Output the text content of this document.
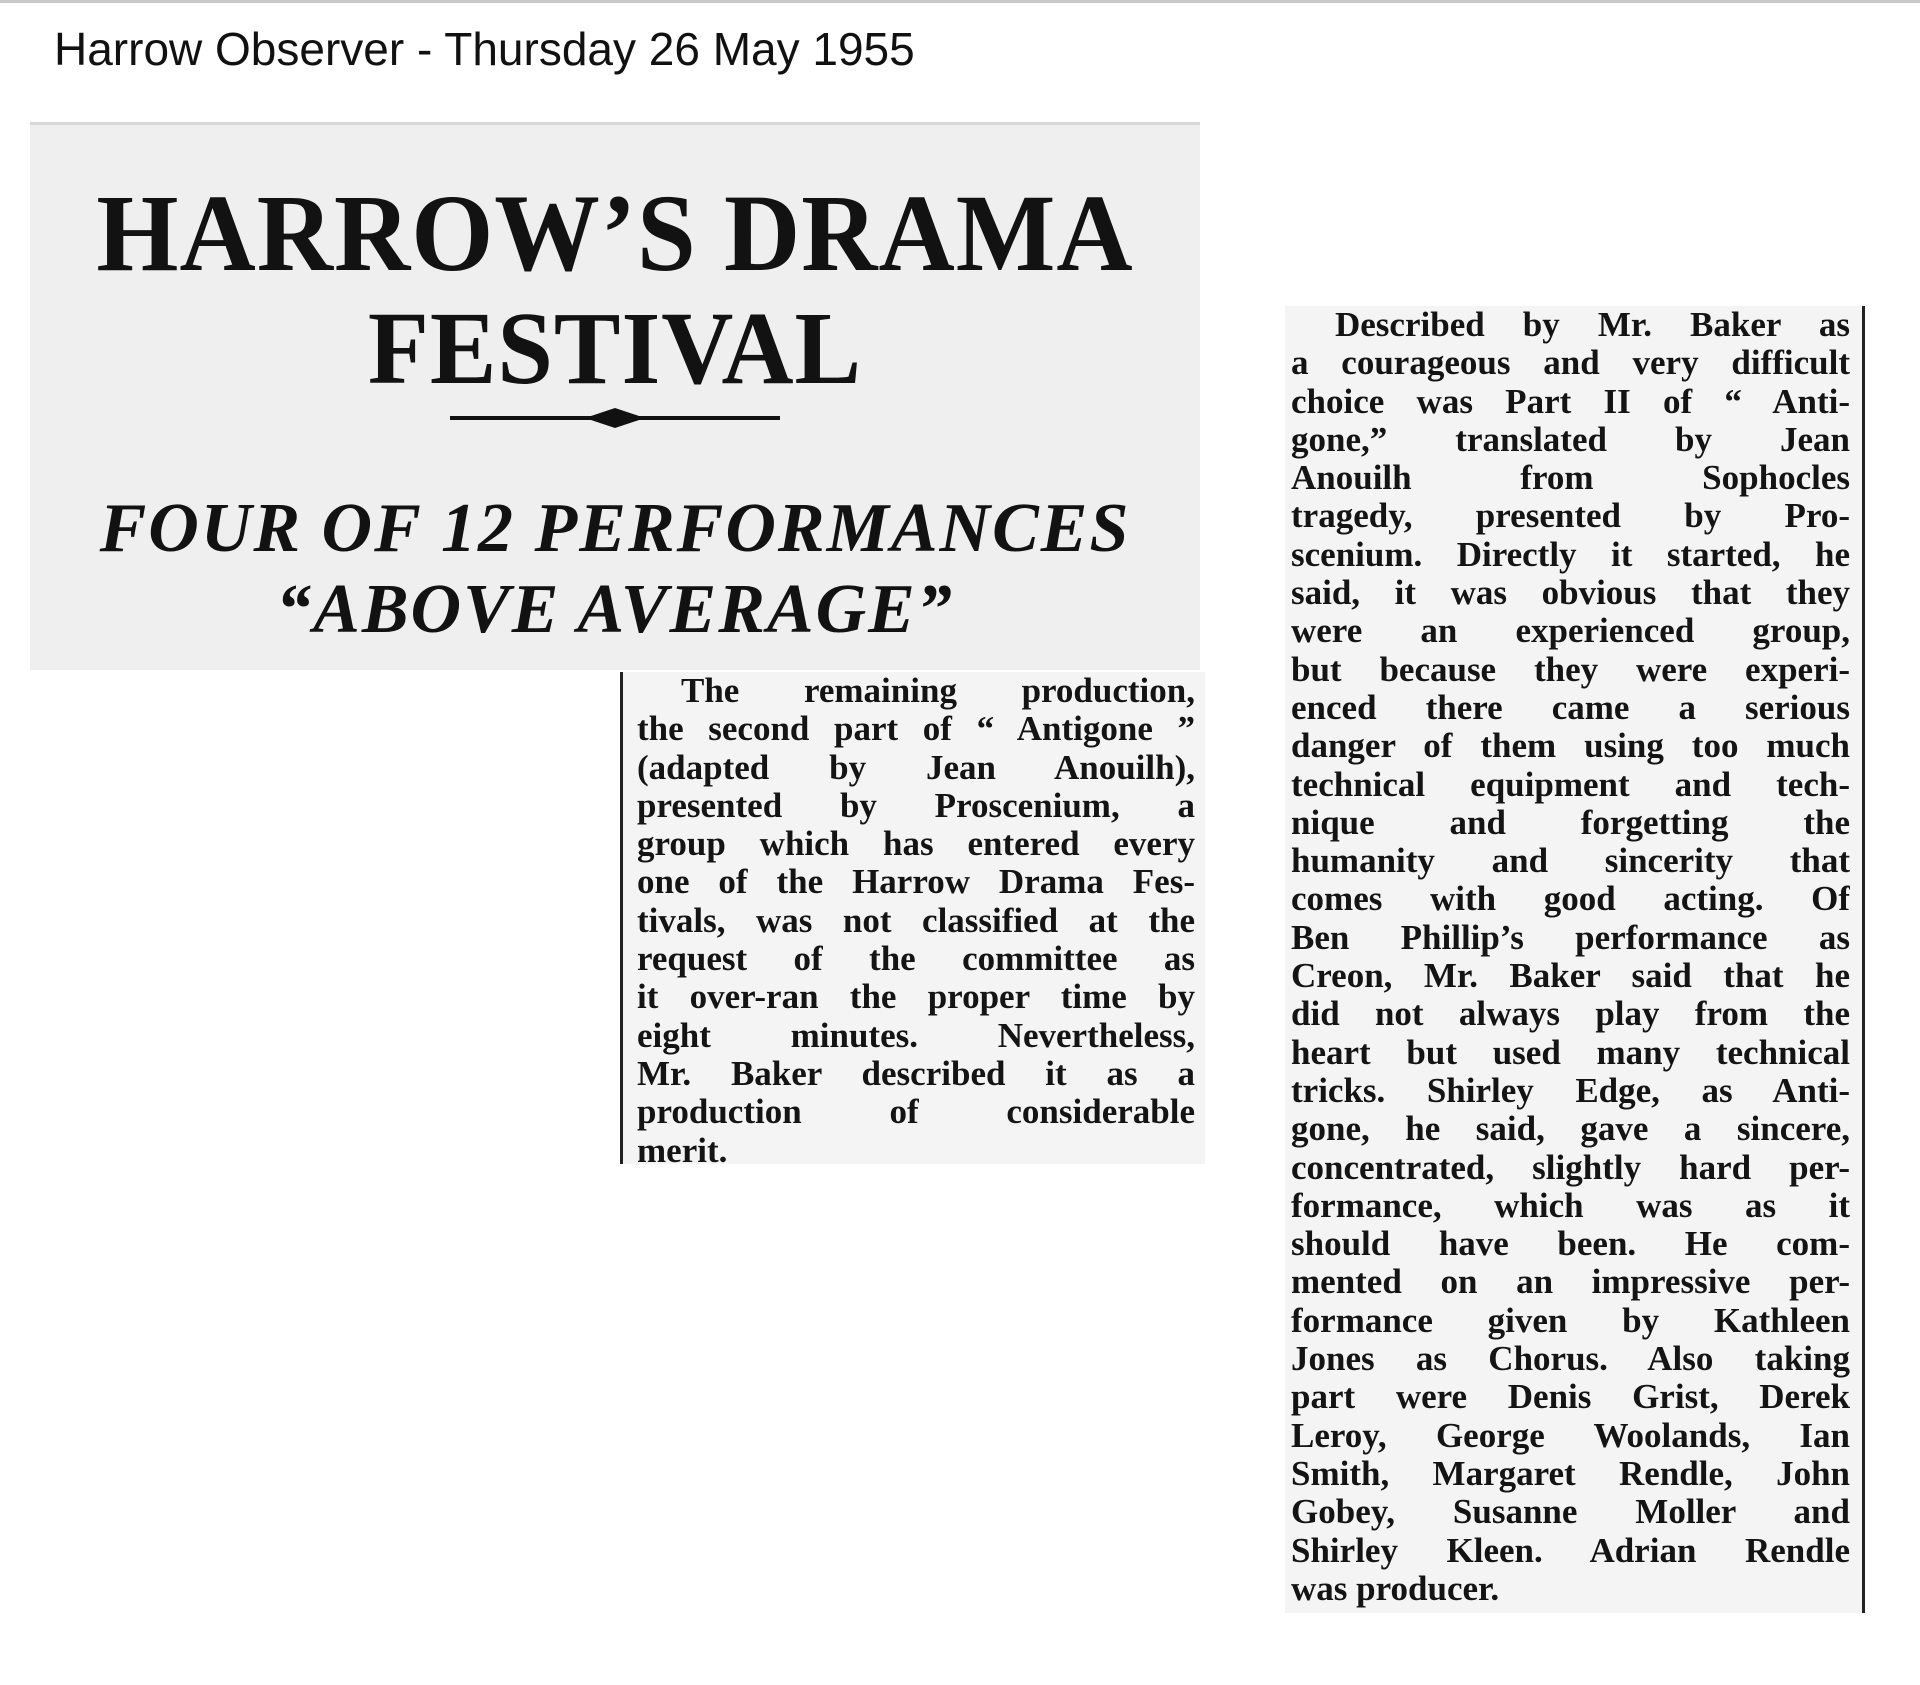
Harrow Observer - Thursday 26 May 1955
HARROW’S DRAMA
FESTIVAL
FOUR OF 12 PERFORMANCES
“ABOVE AVERAGE”
The remaining production,
the second part of “ Antigone ”
(adapted by Jean Anouilh),
presented by Proscenium, a
group which has entered every
one of the Harrow Drama Fes-
tivals, was not classified at the
request of the committee as
it over-ran the proper time by
eight minutes. Nevertheless,
Mr. Baker described it as a
production of considerable
merit.
Described by Mr. Baker as
a courageous and very difficult
choice was Part II of “ Anti-
gone,” translated by Jean
Anouilh from Sophocles
tragedy, presented by Pro-
scenium. Directly it started, he
said, it was obvious that they
were an experienced group,
but because they were experi-
enced there came a serious
danger of them using too much
technical equipment and tech-
nique and forgetting the
humanity and sincerity that
comes with good acting. Of
Ben Phillip’s performance as
Creon, Mr. Baker said that he
did not always play from the
heart but used many technical
tricks. Shirley Edge, as Anti-
gone, he said, gave a sincere,
concentrated, slightly hard per-
formance, which was as it
should have been. He com-
mented on an impressive per-
formance given by Kathleen
Jones as Chorus. Also taking
part were Denis Grist, Derek
Leroy, George Woolands, Ian
Smith, Margaret Rendle, John
Gobey, Susanne Moller and
Shirley Kleen. Adrian Rendle
was producer.
